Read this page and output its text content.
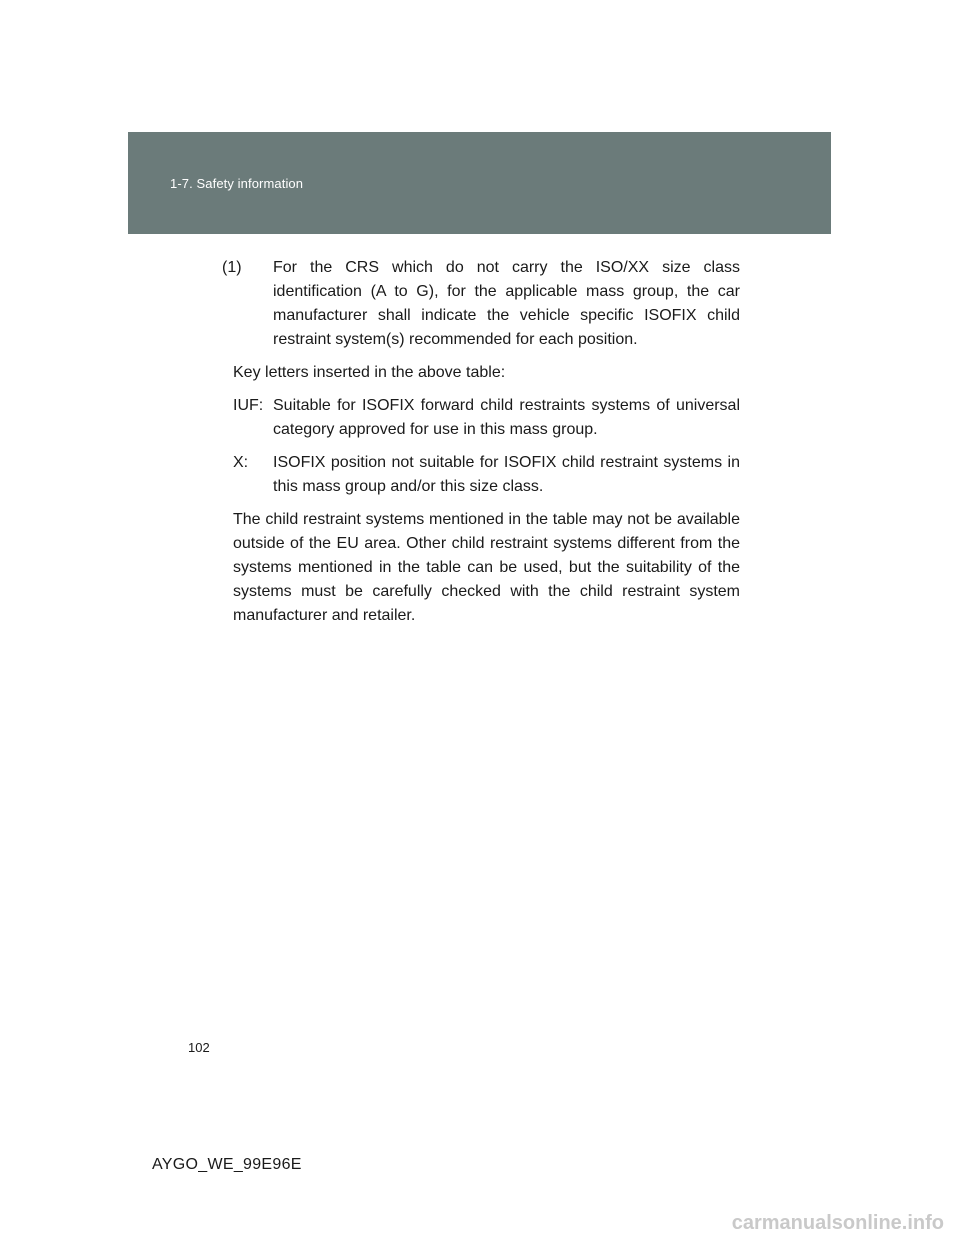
1-7. Safety information
(1)	For the CRS which do not carry the ISO/XX size class identification (A to G), for the applicable mass group, the car manufacturer shall indicate the vehicle specific ISOFIX child restraint system(s) recommended for each position.

Key letters inserted in the above table:

IUF: Suitable for ISOFIX forward child restraints systems of universal category approved for use in this mass group.
X:	ISOFIX position not suitable for ISOFIX child restraint systems in this mass group and/or this size class.

The child restraint systems mentioned in the table may not be available outside of the EU area. Other child restraint systems different from the systems mentioned in the table can be used, but the suitability of the systems must be carefully checked with the child restraint system manufacturer and retailer.

102
AYGO_WE_99E96E
carmanualsonline.info
